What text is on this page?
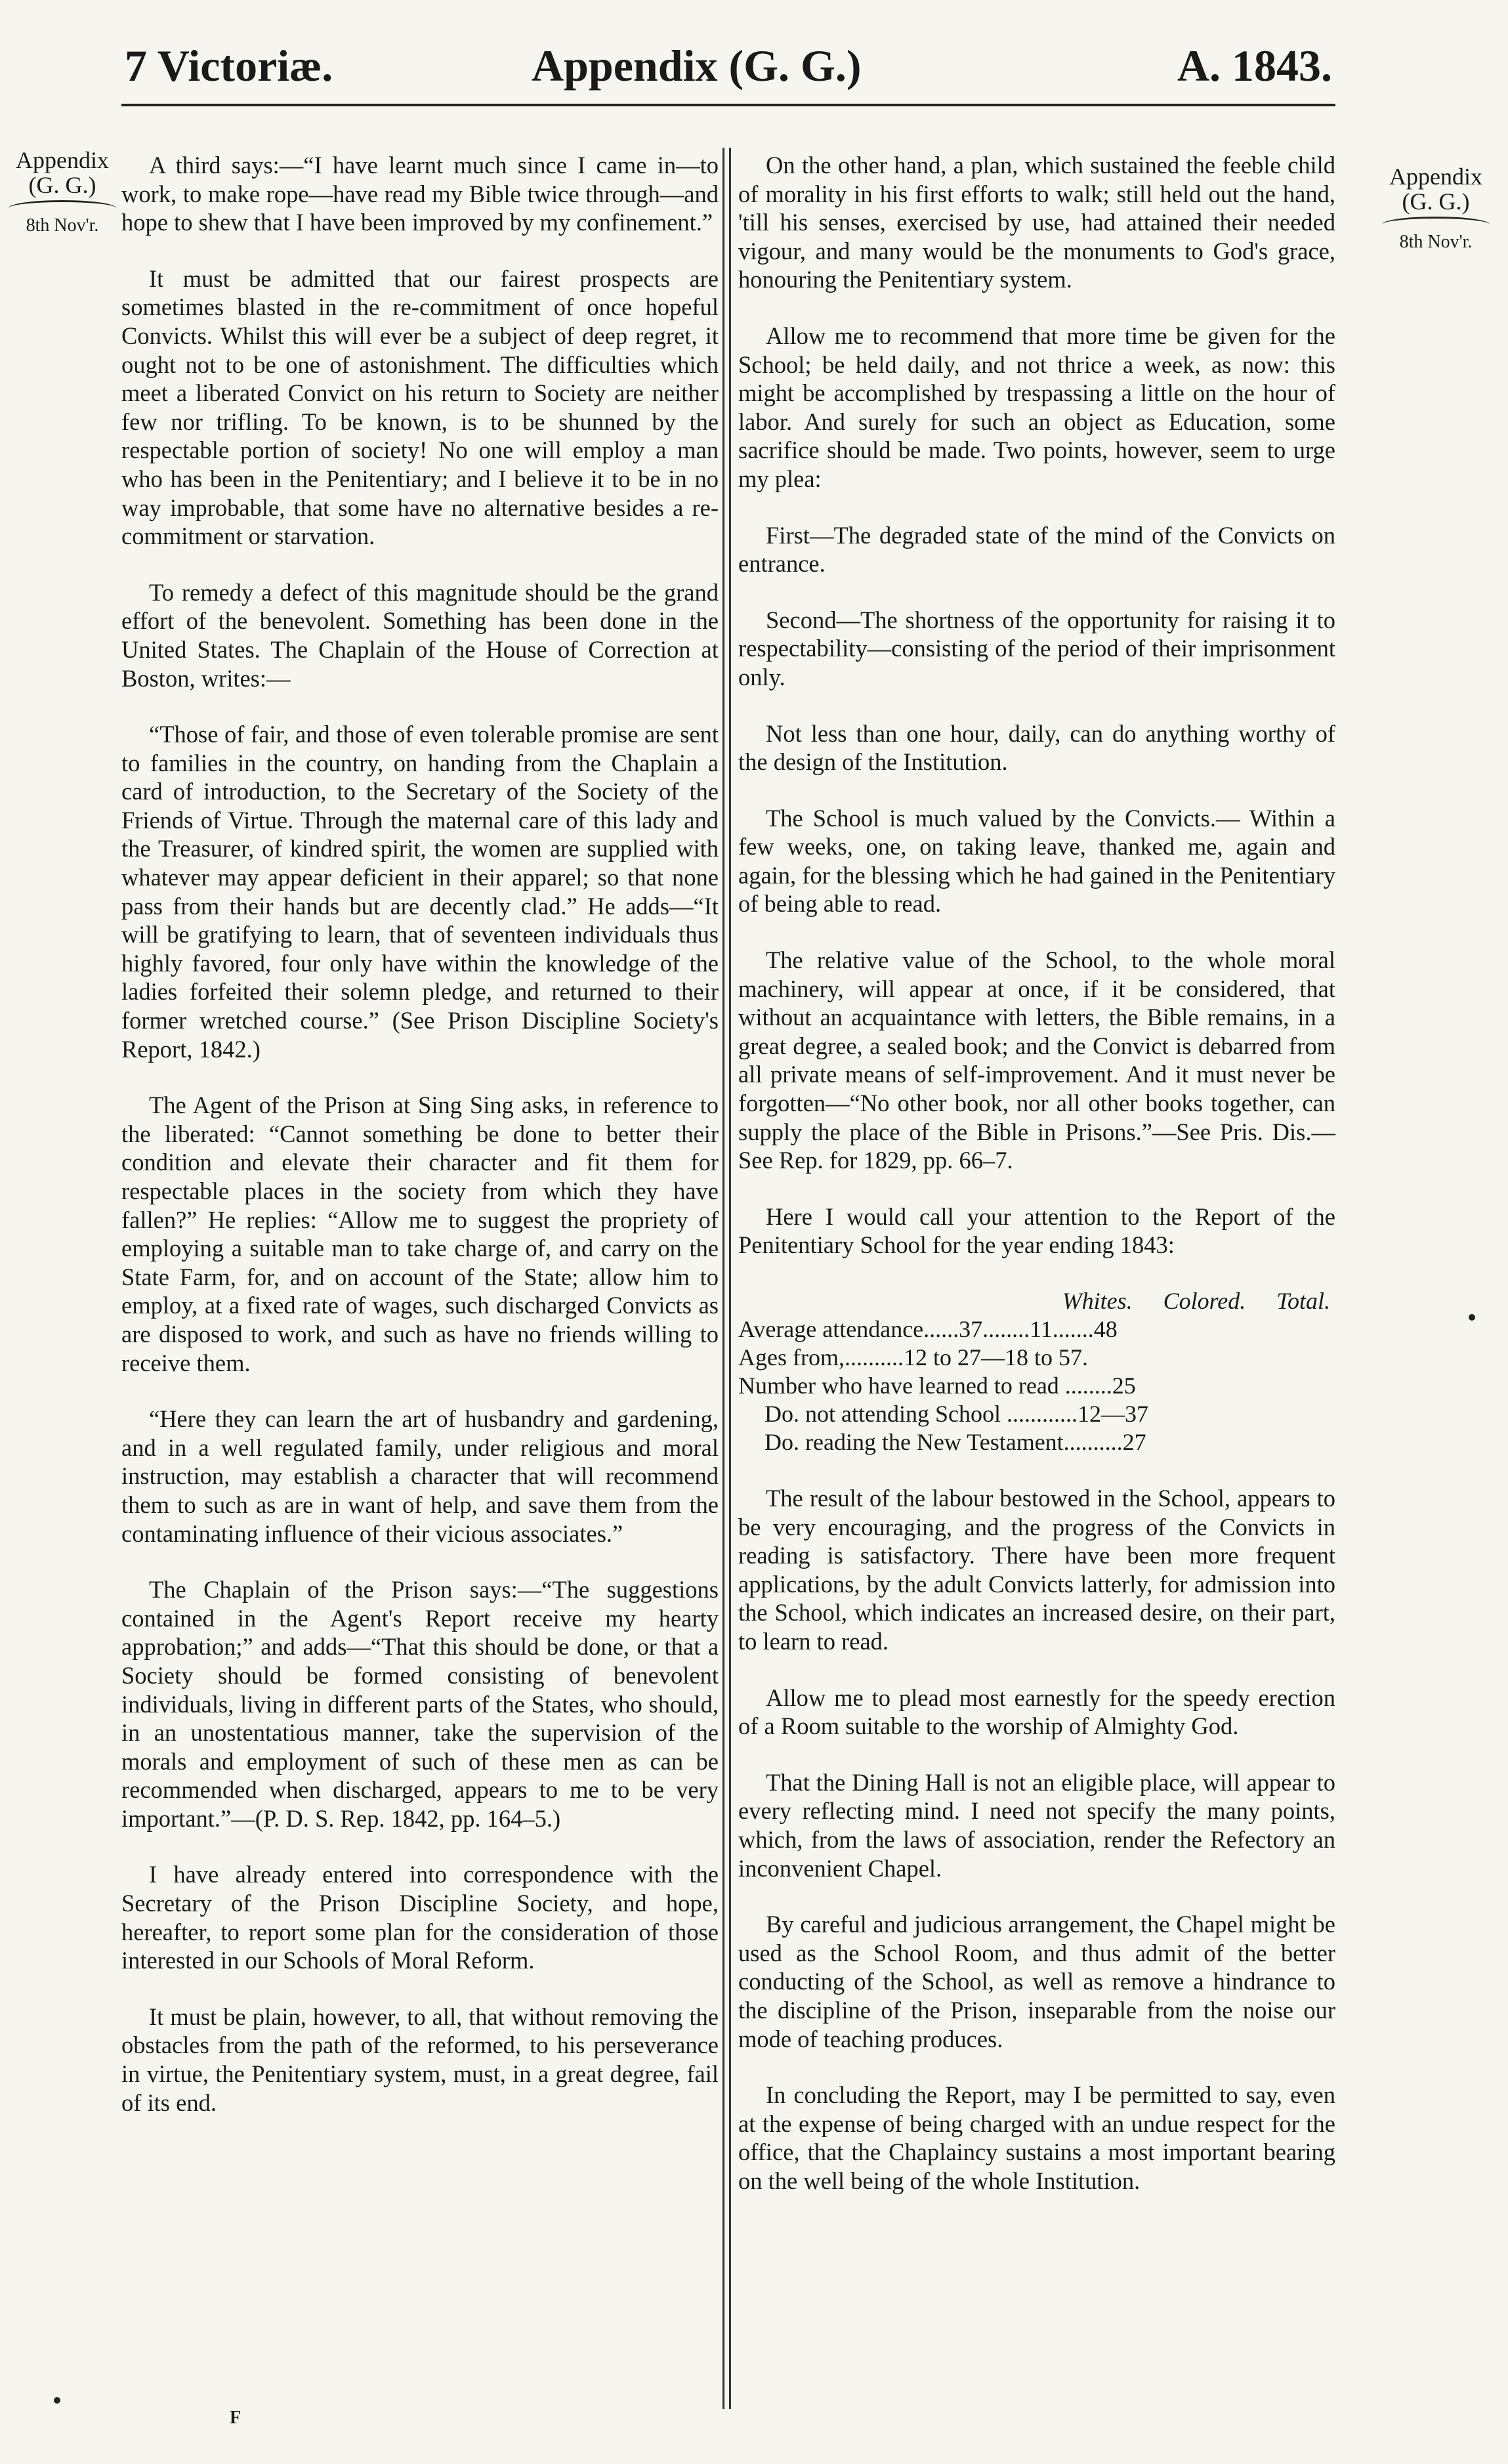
7 Victoriæ.	Appendix (G. G.)	A. 1843.
Appendix
(G. G.)
8th Nov'r.
Appendix
(G. G.)
8th Nov'r.

A third says:—“I have learnt much since I came in—to work, to make rope—have read my Bible twice through—and hope to shew that I have been improved by my confinement.”

It must be admitted that our fairest prospects are sometimes blasted in the re-commitment of once hopeful Convicts. Whilst this will ever be a subject of deep regret, it ought not to be one of astonishment. The difficulties which meet a liberated Convict on his return to Society are neither few nor trifling. To be known, is to be shunned by the respectable portion of society! No one will employ a man who has been in the Penitentiary; and I believe it to be in no way improbable, that some have no alternative besides a re-commitment or starvation.

To remedy a defect of this magnitude should be the grand effort of the benevolent. Something has been done in the United States. The Chaplain of the House of Correction at Boston, writes:—

“Those of fair, and those of even tolerable promise are sent to families in the country, on handing from the Chaplain a card of introduction, to the Secretary of the Society of the Friends of Virtue. Through the maternal care of this lady and the Treasurer, of kindred spirit, the women are supplied with whatever may appear deficient in their apparel; so that none pass from their hands but are decently clad.” He adds—“It will be gratifying to learn, that of seventeen individuals thus highly favored, four only have within the knowledge of the ladies forfeited their solemn pledge, and returned to their former wretched course.” (See Prison Discipline Society's Report, 1842.)

The Agent of the Prison at Sing Sing asks, in reference to the liberated: “Cannot something be done to better their condition and elevate their character and fit them for respectable places in the society from which they have fallen?” He replies: “Allow me to suggest the propriety of employing a suitable man to take charge of, and carry on the State Farm, for, and on account of the State; allow him to employ, at a fixed rate of wages, such discharged Convicts as are disposed to work, and such as have no friends willing to receive them.

“Here they can learn the art of husbandry and gardening, and in a well regulated family, under religious and moral instruction, may establish a character that will recommend them to such as are in want of help, and save them from the contaminating influence of their vicious associates.”

The Chaplain of the Prison says:—“The suggestions contained in the Agent's Report receive my hearty approbation;” and adds—“That this should be done, or that a Society should be formed consisting of benevolent individuals, living in different parts of the States, who should, in an unostentatious manner, take the supervision of the morals and employment of such of these men as can be recommended when discharged, appears to me to be very important.”—(P. D. S. Rep. 1842, pp. 164–5.)

I have already entered into correspondence with the Secretary of the Prison Discipline Society, and hope, hereafter, to report some plan for the consideration of those interested in our Schools of Moral Reform.

It must be plain, however, to all, that without removing the obstacles from the path of the reformed, to his perseverance in virtue, the Penitentiary system, must, in a great degree, fail of its end.

On the other hand, a plan, which sustained the feeble child of morality in his first efforts to walk; still held out the hand, 'till his senses, exercised by use, had attained their needed vigour, and many would be the monuments to God's grace, honouring the Penitentiary system.

Allow me to recommend that more time be given for the School; be held daily, and not thrice a week, as now: this might be accomplished by trespassing a little on the hour of labor. And surely for such an object as Education, some sacrifice should be made. Two points, however, seem to urge my plea:

First—The degraded state of the mind of the Convicts on entrance.

Second—The shortness of the opportunity for raising it to respectability—consisting of the period of their imprisonment only.

Not less than one hour, daily, can do anything worthy of the design of the Institution.

The School is much valued by the Convicts.— Within a few weeks, one, on taking leave, thanked me, again and again, for the blessing which he had gained in the Penitentiary of being able to read.

The relative value of the School, to the whole moral machinery, will appear at once, if it be considered, that without an acquaintance with letters, the Bible remains, in a great degree, a sealed book; and the Convict is debarred from all private means of self-improvement. And it must never be forgotten—“No other book, nor all other books together, can supply the place of the Bible in Prisons.”—See Pris. Dis.—See Rep. for 1829, pp. 66–7.

Here I would call your attention to the Report of the Penitentiary School for the year ending 1843:

Whites. Colored. Total.
Average attendance......37........11.......48
Ages from,..........12 to 27—18 to 57.
Number who have learned to read ........25
Do. not attending School ............12—37
Do. reading the New Testament..........27

The result of the labour bestowed in the School, appears to be very encouraging, and the progress of the Convicts in reading is satisfactory. There have been more frequent applications, by the adult Convicts latterly, for admission into the School, which indicates an increased desire, on their part, to learn to read.

Allow me to plead most earnestly for the speedy erection of a Room suitable to the worship of Almighty God.

That the Dining Hall is not an eligible place, will appear to every reflecting mind. I need not specify the many points, which, from the laws of association, render the Refectory an inconvenient Chapel.

By careful and judicious arrangement, the Chapel might be used as the School Room, and thus admit of the better conducting of the School, as well as remove a hindrance to the discipline of the Prison, inseparable from the noise our mode of teaching produces.

In concluding the Report, may I be permitted to say, even at the expense of being charged with an undue respect for the office, that the Chaplaincy sustains a most important bearing on the well being of the whole Institution.

F
